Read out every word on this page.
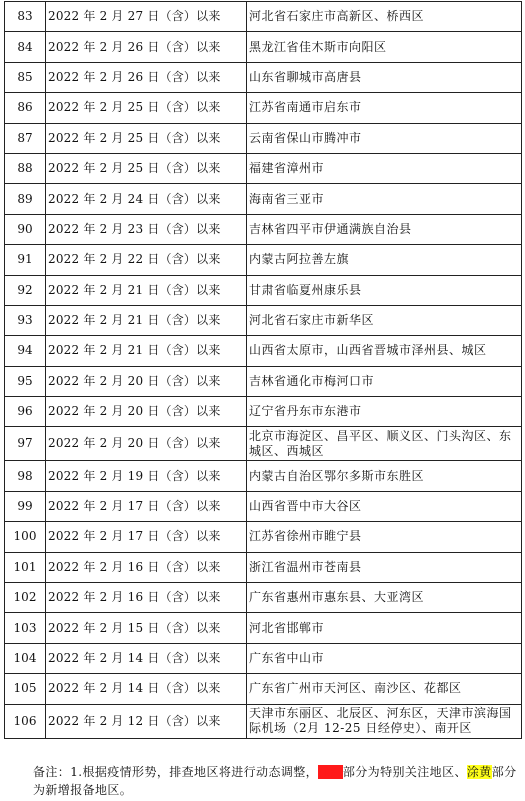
83	2022 年 2 月 27 日（含）以来	河北省石家庄市高新区、桥西区
84	2022 年 2 月 26 日（含）以来	黑龙江省佳木斯市向阳区
85	2022 年 2 月 26 日（含）以来	山东省聊城市高唐县
86	2022 年 2 月 25 日（含）以来	江苏省南通市启东市
87	2022 年 2 月 25 日（含）以来	云南省保山市腾冲市
88	2022 年 2 月 25 日（含）以来	福建省漳州市
89	2022 年 2 月 24 日（含）以来	海南省三亚市
90	2022 年 2 月 23 日（含）以来	吉林省四平市伊通满族自治县
91	2022 年 2 月 22 日（含）以来	内蒙古阿拉善左旗
92	2022 年 2 月 21 日（含）以来	甘肃省临夏州康乐县
93	2022 年 2 月 21 日（含）以来	河北省石家庄市新华区
94	2022 年 2 月 21 日（含）以来	山西省太原市，山西省晋城市泽州县、城区
95	2022 年 2 月 20 日（含）以来	吉林省通化市梅河口市
96	2022 年 2 月 20 日（含）以来	辽宁省丹东市东港市
97	2022 年 2 月 20 日（含）以来	北京市海淀区、昌平区、顺义区、门头沟区、东城区、西城区
98	2022 年 2 月 19 日（含）以来	内蒙古自治区鄂尔多斯市东胜区
99	2022 年 2 月 17 日（含）以来	山西省晋中市大谷区
100	2022 年 2 月 17 日（含）以来	江苏省徐州市睢宁县
101	2022 年 2 月 16 日（含）以来	浙江省温州市苍南县
102	2022 年 2 月 16 日（含）以来	广东省惠州市惠东县、大亚湾区
103	2022 年 2 月 15 日（含）以来	河北省邯郸市
104	2022 年 2 月 14 日（含）以来	广东省中山市
105	2022 年 2 月 14 日（含）以来	广东省广州市天河区、南沙区、花都区
106	2022 年 2 月 12 日（含）以来	天津市东丽区、北辰区、河东区，天津市滨海国际机场（2月 12-25 日经停史）、南开区
备注：1.根据疫情形势，排查地区将进行动态调整，涂红部分为特别关注地区、涂黄部分为新增报备地区。
